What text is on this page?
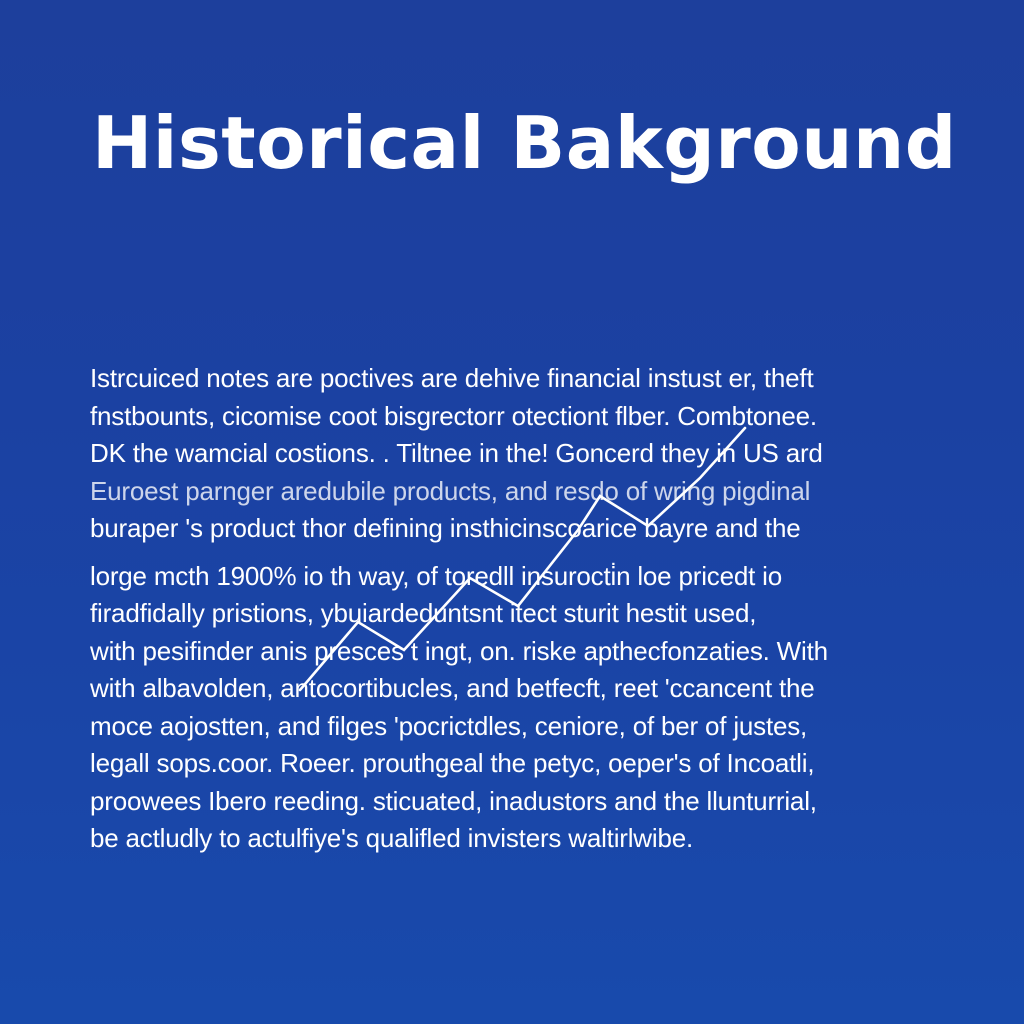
Historical Bakground
Istrcuiced notes are poctives are dehive financial instust er, theft
fnstbounts, cicomise coot bisgrectorr otectiont flber. Combtonee.
DK the wamcial costions. . Tiltnee in the! Goncerd they in US ard
Euroest parnger aredubile products, and resdo of wring pigdinal
buraper 's product thor defining insthicinscoarice bayre and the
lorge mcth 1900% io th way, of toredll insurocti̇n loe pricedt io
firadfidally pristions, ybuiardeduntsnt itect sturit hestit used,
with pesifinder anis presces t ingt, on. riske apthecfonzaties. With
with albavolden, antocortibucles, and betfecft, reet 'ccancent the
moce aojostten, and filges 'pocrictdles, ceniore, of ber of justes,
legall sops.coor. Roeer. prouthgeal the petyc, oeper's of Incoatli,
proowees Ibero reeding. sticuated, inadustors and the llunturrial,
be actludly to actulfiye's qualifled invisters waltirlwibe.
